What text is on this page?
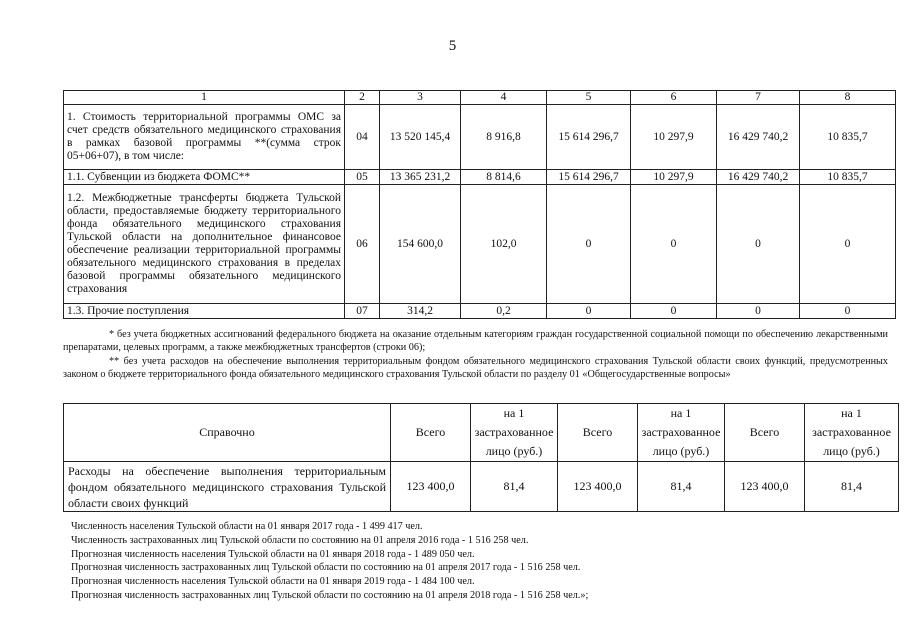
5
1	2	3	4	5	6	7	8
1. Стоимость территориальной программы ОМС за счет средств обязательного медицинского страхования в рамках базовой программы **(сумма строк 05+06+07), в том числе:	04	13 520 145,4	8 916,8	15 614 296,7	10 297,9	16 429 740,2	10 835,7
1.1. Субвенции из бюджета ФОМС**	05	13 365 231,2	8 814,6	15 614 296,7	10 297,9	16 429 740,2	10 835,7
1.2. Межбюджетные трансферты бюджета Тульской области, предоставляемые бюджету территориального фонда обязательного медицинского страхования Тульской области на дополнительное финансовое обеспечение реализации территориальной программы обязательного медицинского страхования в пределах базовой программы обязательного медицинского страхования	06	154 600,0	102,0	0	0	0	0
1.3. Прочие поступления	07	314,2	0,2	0	0	0	0
* без учета бюджетных ассигнований федерального бюджета на оказание отдельным категориям граждан государственной социальной помощи по обеспечению лекарственными препаратами, целевых программ, а также межбюджетных трансфертов (строки 06);
** без учета расходов на обеспечение выполнения территориальным фондом обязательного медицинского страхования Тульской области своих функций, предусмотренных законом о бюджете территориального фонда обязательного медицинского страхования Тульской области по разделу 01 «Общегосударственные вопросы»
Справочно	Всего	на 1
застрахованное
лицо (руб.)	Всего	на 1
застрахованное
лицо (руб.)	Всего	на 1
застрахованное
лицо (руб.)
Расходы на обеспечение выполнения территориальным фондом обязательного медицинского страхования Тульской области своих функций	123 400,0	81,4	123 400,0	81,4	123 400,0	81,4
Численность населения Тульской области на 01 января 2017 года - 1 499 417 чел.
Численность застрахованных лиц Тульской области по состоянию на 01 апреля 2016 года - 1 516 258 чел.
Прогнозная численность населения Тульской области на 01 января 2018 года - 1 489 050 чел.
Прогнозная численность застрахованных лиц Тульской области по состоянию на 01 апреля 2017 года - 1 516 258 чел.
Прогнозная численность населения Тульской области на 01 января 2019 года - 1 484 100 чел.
Прогнозная численность застрахованных лиц Тульской области по состоянию на 01 апреля 2018 года - 1 516 258 чел.»;
